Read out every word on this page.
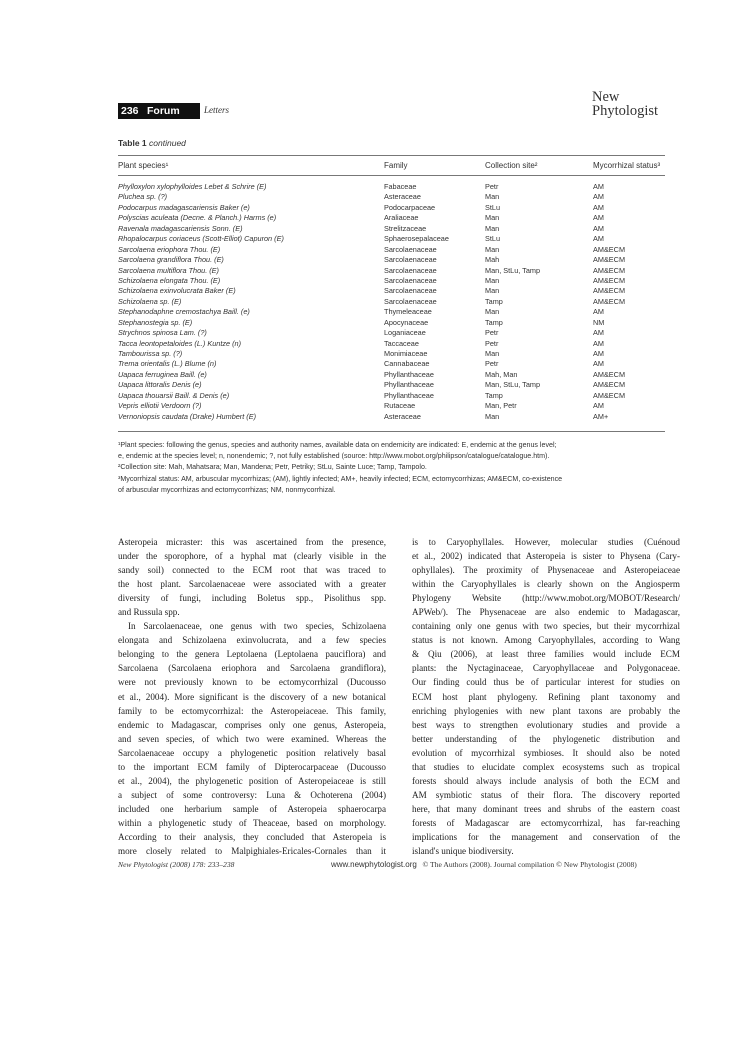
236 Forum	Letters
New
Phytologist
Table 1 continued
Plant species¹	Family	Collection site²	Mycorrhizal status³
Phylloxylon xylophylloides Lebet & Schrire (E)	Fabaceae	Petr	AM
Pluchea sp. (?)	Asteraceae	Man	AM
Podocarpus madagascariensis Baker (e)	Podocarpaceae	StLu	AM
Polyscias aculeata (Decne. & Planch.) Harms (e)	Araliaceae	Man	AM
Ravenala madagascariensis Sonn. (E)	Strelitzaceae	Man	AM
Rhopalocarpus coriaceus (Scott-Elliot) Capuron (E)	Sphaerosepalaceae	StLu	AM
Sarcolaena eriophora Thou. (E)	Sarcolaenaceae	Man	AM&ECM
Sarcolaena grandiflora Thou. (E)	Sarcolaenaceae	Mah	AM&ECM
Sarcolaena multiflora Thou. (E)	Sarcolaenaceae	Man, StLu, Tamp	AM&ECM
Schizolaena elongata Thou. (E)	Sarcolaenaceae	Man	AM&ECM
Schizolaena exinvolucrata Baker (E)	Sarcolaenaceae	Man	AM&ECM
Schizolaena sp. (E)	Sarcolaenaceae	Tamp	AM&ECM
Stephanodaphne cremostachya Baill. (e)	Thymeleaceae	Man	AM
Stephanostegia sp. (E)	Apocynaceae	Tamp	NM
Strychnos spinosa Lam. (?)	Loganiaceae	Petr	AM
Tacca leontopetaloides (L.) Kuntze (n)	Taccaceae	Petr	AM
Tambourissa sp. (?)	Monimiaceae	Man	AM
Trema orientalis (L.) Blume (n)	Cannabaceae	Petr	AM
Uapaca ferruginea Baill. (e)	Phyllanthaceae	Mah, Man	AM&ECM
Uapaca littoralis Denis (e)	Phyllanthaceae	Man, StLu, Tamp	AM&ECM
Uapaca thouarsii Baill. & Denis (e)	Phyllanthaceae	Tamp	AM&ECM
Vepris elliotii Verdoorn (?)	Rutaceae	Man, Petr	AM
Vernoniopsis caudata (Drake) Humbert (E)	Asteraceae	Man	AM+
¹Plant species: following the genus, species and authority names, available data on endemicity are indicated: E, endemic at the genus level;
e, endemic at the species level; n, nonendemic; ?, not fully established (source: http://www.mobot.org/philipson/catalogue/catalogue.htm).
²Collection site: Mah, Mahatsara; Man, Mandena; Petr, Petriky; StLu, Sainte Luce; Tamp, Tampolo.
³Mycorrhizal status: AM, arbuscular mycorrhizas; (AM), lightly infected; AM+, heavily infected; ECM, ectomycorrhizas; AM&ECM, co-existence
of arbuscular mycorrhizas and ectomycorrhizas; NM, nonmycorrhizal.
Asteropeia micraster: this was ascertained from the presence,
under the sporophore, of a hyphal mat (clearly visible in the
sandy soil) connected to the ECM root that was traced to
the host plant. Sarcolaenaceae were associated with a greater
diversity of fungi, including Boletus spp., Pisolithus spp.
and Russula spp.
In Sarcolaenaceae, one genus with two species, Schizolaena
elongata and Schizolaena exinvolucrata, and a few species
belonging to the genera Leptolaena (Leptolaena pauciflora) and
Sarcolaena (Sarcolaena eriophora and Sarcolaena grandiflora),
were not previously known to be ectomycorrhizal (Ducousso
et al., 2004). More significant is the discovery of a new botanical
family to be ectomycorrhizal: the Asteropeiaceae. This family,
endemic to Madagascar, comprises only one genus, Asteropeia,
and seven species, of which two were examined. Whereas the
Sarcolaenaceae occupy a phylogenetic position relatively basal
to the important ECM family of Dipterocarpaceae (Ducousso
et al., 2004), the phylogenetic position of Asteropeiaceae is still
a subject of some controversy: Luna & Ochoterena (2004)
included one herbarium sample of Asteropeia sphaerocarpa
within a phylogenetic study of Theaceae, based on morphology.
According to their analysis, they concluded that Asteropeia is
more closely related to Malpighiales-Ericales-Cornales than it
is to Caryophyllales. However, molecular studies (Cuénoud
et al., 2002) indicated that Asteropeia is sister to Physena (Cary-
ophyllales). The proximity of Physenaceae and Asteropeiaceae
within the Caryophyllales is clearly shown on the Angiosperm
Phylogeny Website (http://www.mobot.org/MOBOT/Research/
APWeb/). The Physenaceae are also endemic to Madagascar,
containing only one genus with two species, but their mycorrhizal
status is not known. Among Caryophyllales, according to Wang
& Qiu (2006), at least three families would include ECM
plants: the Nyctaginaceae, Caryophyllaceae and Polygonaceae.
Our finding could thus be of particular interest for studies on
ECM host plant phylogeny. Refining plant taxonomy and
enriching phylogenies with new plant taxons are probably the
best ways to strengthen evolutionary studies and provide a
better understanding of the phylogenetic distribution and
evolution of mycorrhizal symbioses. It should also be noted
that studies to elucidate complex ecosystems such as tropical
forests should always include analysis of both the ECM and
AM symbiotic status of their flora. The discovery reported
here, that many dominant trees and shrubs of the eastern coast
forests of Madagascar are ectomycorrhizal, has far-reaching
implications for the management and conservation of the
island's unique biodiversity.
New Phytologist (2008) 178: 233–238	www.newphytologist.org © The Authors (2008). Journal compilation © New Phytologist (2008)
